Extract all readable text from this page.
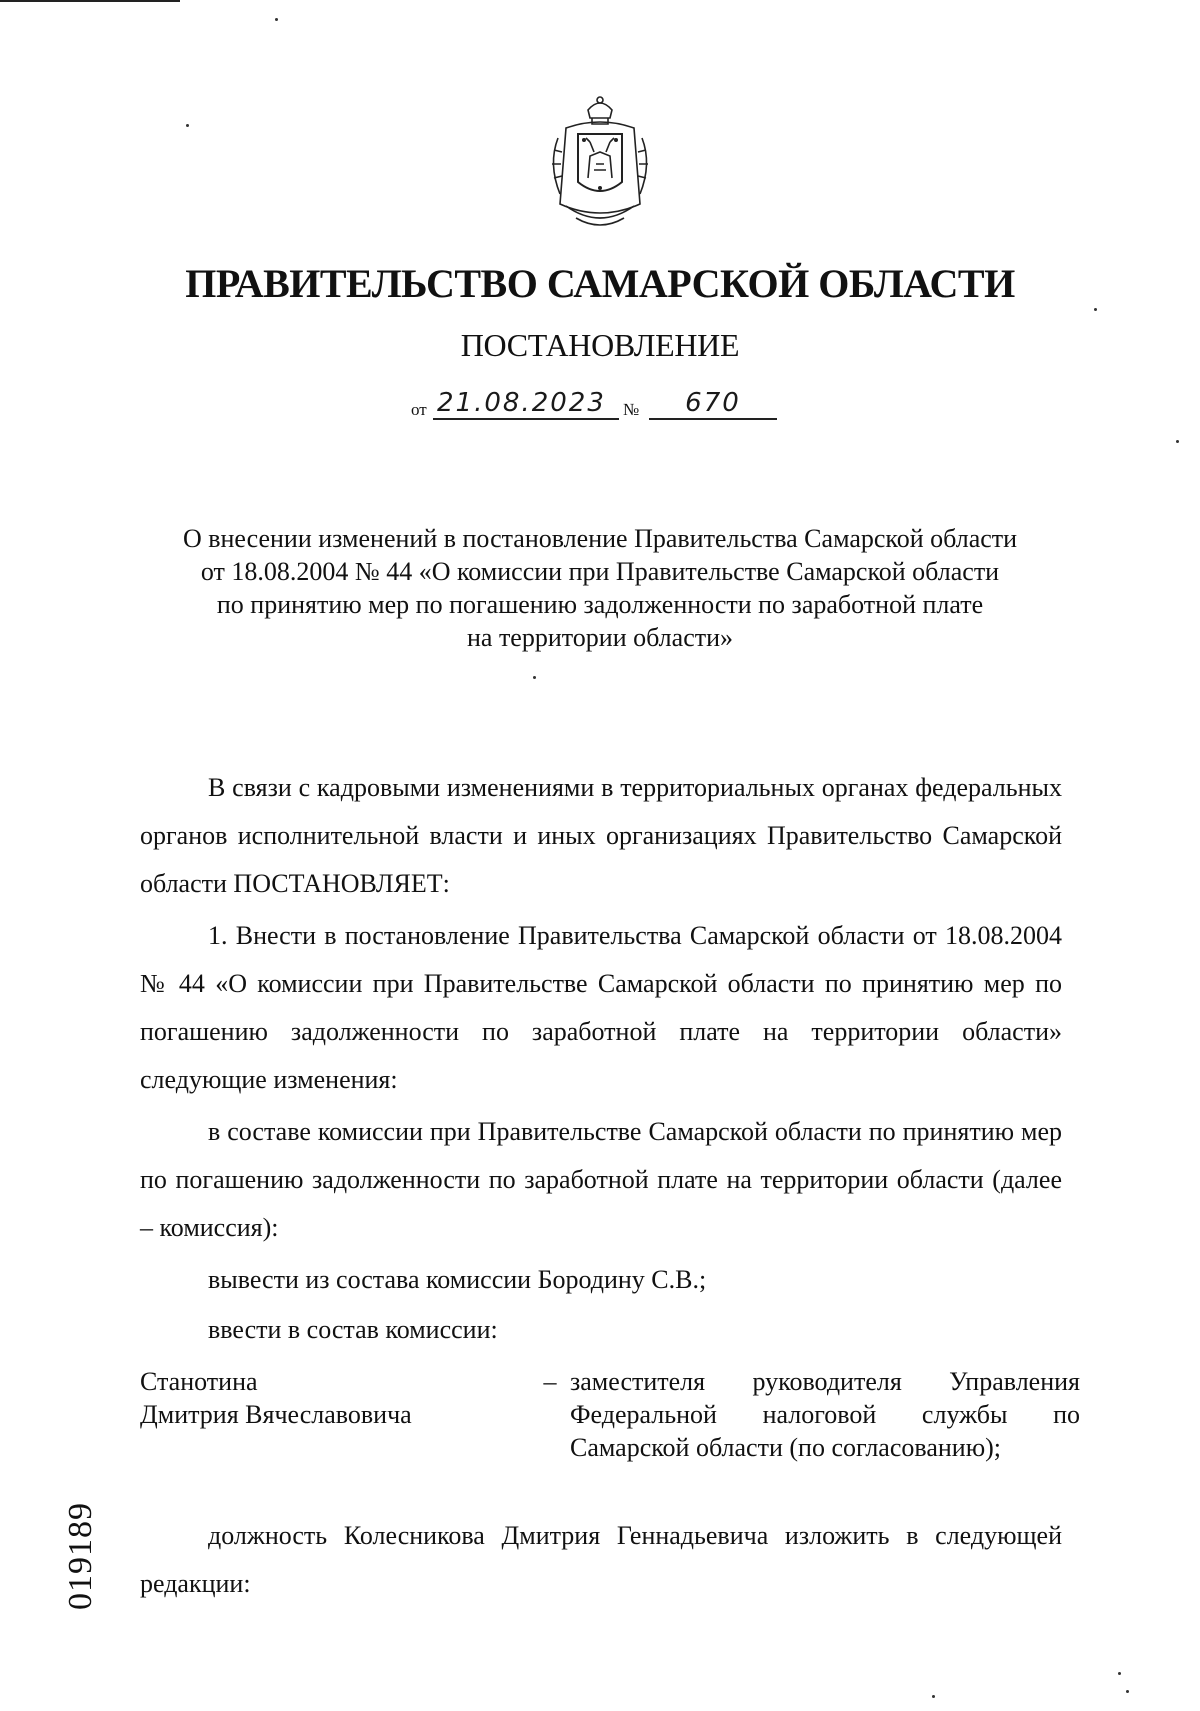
ПРАВИТЕЛЬСТВО САМАРСКОЙ ОБЛАСТИ
ПОСТАНОВЛЕНИЕ
от 21.08.2023	№	670
О внесении изменений в постановление Правительства Самарской области
от 18.08.2004 № 44 «О комиссии при Правительстве Самарской области
по принятию мер по погашению задолженности по заработной плате
на территории области»
В связи с кадровыми изменениями в территориальных органах федеральных органов исполнительной власти и иных организациях Правительство Самарской области ПОСТАНОВЛЯЕТ:
1. Внести в постановление Правительства Самарской области от 18.08.2004 № 44 «О комиссии при Правительстве Самарской области по принятию мер по погашению задолженности по заработной плате на территории области» следующие изменения:
в составе комиссии при Правительстве Самарской области по принятию мер по погашению задолженности по заработной плате на территории области (далее – комиссия):
вывести из состава комиссии Бородину С.В.;
ввести в состав комиссии:
Станотина
Дмитрия Вячеславовича
– заместителя руководителя Управления Федеральной налоговой службы по
Самарской области (по согласованию);
должность Колесникова Дмитрия Геннадьевича изложить в следующей редакции:
019189
